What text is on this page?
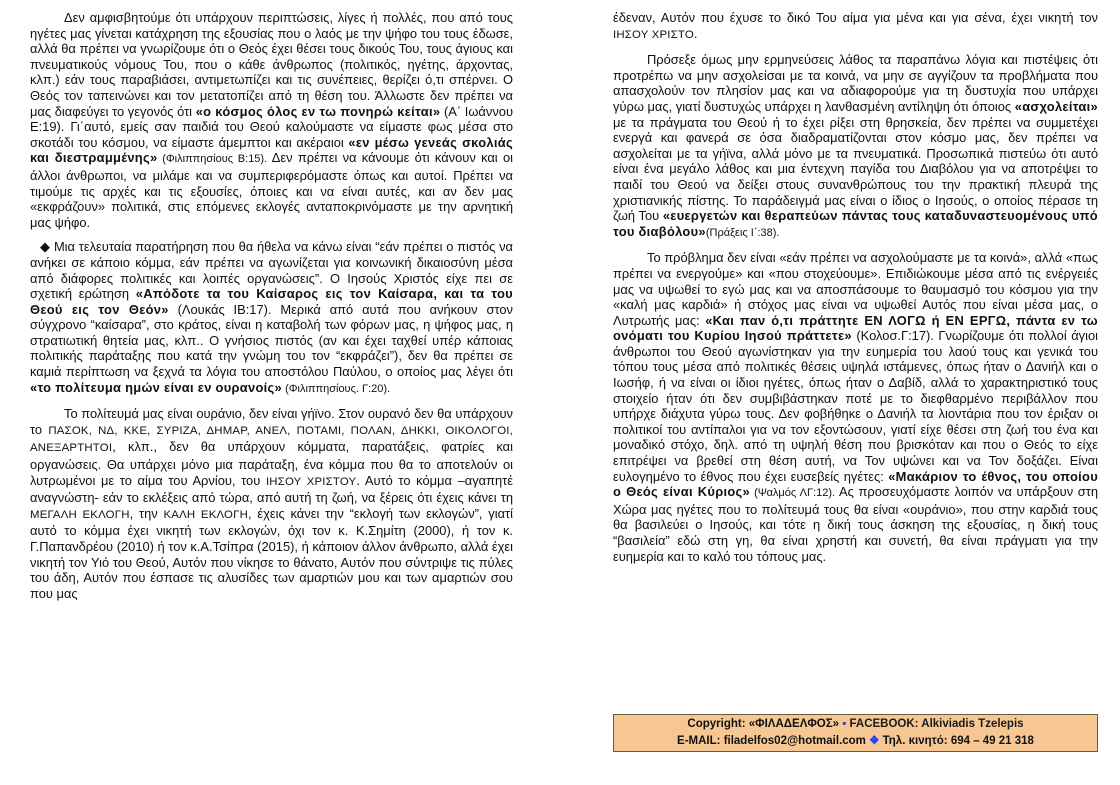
Δεν αμφισβητούμε ότι υπάρχουν περιπτώσεις, λίγες ή πολλές, που από τους ηγέτες μας γίνεται κατάχρηση της εξουσίας που ο λαός με την ψήφο του τους έδωσε, αλλά θα πρέπει να γνωρίζουμε ότι ο Θεός έχει θέσει τους δικούς Του, τους άγιους και πνευματικούς νόμους Του, που ο κάθε άνθρωπος (πολιτικός, ηγέτης, άρχοντας, κλπ.) εάν τους παραβιάσει, αντιμετωπίζει και τις συνέπειες, θερίζει ό,τι σπέρνει. Ο Θεός τον ταπεινώνει και τον μετατοπίζει από τη θέση του. Άλλωστε δεν πρέπει να μας διαφεύγει το γεγονός ότι «ο κόσμος όλος εν τω πονηρώ κείται» (Α΄ Ιωάννου Ε:19). Γι΄αυτό, εμείς σαν παιδιά του Θεού καλούμαστε να είμαστε φως μέσα στο σκοτάδι του κόσμου, να είμαστε άμεμπτοι και ακέραιοι «εν μέσω γενεάς σκολιάς και διεστραμμένης» (Φιλιππησίους Β:15). Δεν πρέπει να κάνουμε ότι κάνουν και οι άλλοι άνθρωποι, να μιλάμε και να συμπεριφερόμαστε όπως και αυτοί. Πρέπει να τιμούμε τις αρχές και τις εξουσίες, όποιες και να είναι αυτές, και αν δεν μας «εκφράζουν» πολιτικά, στις επόμενες εκλογές ανταποκρινόμαστε με την αρνητική μας ψήφο.

◆ Μια τελευταία παρατήρηση που θα ήθελα να κάνω είναι “εάν πρέπει ο πιστός να ανήκει σε κάποιο κόμμα, εάν πρέπει να αγωνίζεται για κοινωνική δικαιοσύνη μέσα από διάφορες πολιτικές και λοιπές οργανώσεις”. Ο Ιησούς Χριστός είχε πει σε σχετική ερώτηση «Απόδοτε τα του Καίσαρος εις τον Καίσαρα, και τα του Θεού εις τον Θεόν» (Λουκάς ΙΒ:17). Μερικά από αυτά που ανήκουν στον σύγχρονο “καίσαρα”, στο κράτος, είναι η καταβολή των φόρων μας, η ψήφος μας, η στρατιωτική θητεία μας, κλπ.. Ο γνήσιος πιστός (αν και έχει ταχθεί υπέρ κάποιας πολιτικής παράταξης που κατά την γνώμη του τον “εκφράζει”), δεν θα πρέπει σε καμιά περίπτωση να ξεχνά τα λόγια του αποστόλου Παύλου, ο οποίος μας λέγει ότι «το πολίτευμα ημών είναι εν ουρανοίς» (Φιλιππησίους. Γ:20).

Το πολίτευμά μας είναι ουράνιο, δεν είναι γήϊνο. Στον ουρανό δεν θα υπάρχουν το ΠΑΣΟΚ, ΝΔ, ΚΚΕ, ΣΥΡΙΖΑ, ΔΗΜΑΡ, ΑΝΕΛ, ΠΟΤΑΜΙ, ΠΟΛΑΝ, ΔΗΚΚΙ, ΟΙΚΟΛΟΓΟΙ, ΑΝΕΞΑΡΤΗΤΟΙ, κλπ., δεν θα υπάρχουν κόμματα, παρατάξεις, φατρίες και οργανώσεις. Θα υπάρχει μόνο μια παράταξη, ένα κόμμα που θα το αποτελούν οι λυτρωμένοι με το αίμα του Αρνίου, του ΙΗΣΟΥ ΧΡΙΣΤΟΥ. Αυτό το κόμμα –αγαπητέ αναγνώστη- εάν το εκλέξεις από τώρα, από αυτή τη ζωή, να ξέρεις ότι έχεις κάνει τη ΜΕΓΑΛΗ ΕΚΛΟΓΗ, την ΚΑΛΗ ΕΚΛΟΓΗ, έχεις κάνει την “εκλογή των εκλογών”, γιατί αυτό το κόμμα έχει νικητή των εκλογών, όχι τον κ. Κ.Σημίτη (2000), ή τον κ. Γ.Παπανδρέου (2010) ή τον κ.Α.Τσίπρα (2015), ή κάποιον άλλον άνθρωπο, αλλά έχει νικητή τον Υιό του Θεού, Αυτόν που νίκησε το θάνατο, Αυτόν που σύντριψε τις πύλες του άδη, Αυτόν που έσπασε τις αλυσίδες των αμαρτιών μου και των αμαρτιών σου που μας

έδεναν, Αυτόν που έχυσε το δικό Του αίμα για μένα και για σένα, έχει νικητή τον ΙΗΣΟΥ ΧΡΙΣΤΟ.

Πρόσεξε όμως μην ερμηνεύσεις λάθος τα παραπάνω λόγια και πιστέψεις ότι προτρέπω να μην ασχολείσαι με τα κοινά, να μην σε αγγίζουν τα προβλήματα που απασχολούν τον πλησίον μας και να αδιαφορούμε για τη δυστυχία που υπάρχει γύρω μας, γιατί δυστυχώς υπάρχει η λανθασμένη αντίληψη ότι όποιος «ασχολείται» με τα πράγματα του Θεού ή το έχει ρίξει στη θρησκεία, δεν πρέπει να συμμετέχει ενεργά και φανερά σε όσα διαδραματίζονται στον κόσμο μας, δεν πρέπει να ασχολείται με τα γήϊνα, αλλά μόνο με τα πνευματικά. Προσωπικά πιστεύω ότι αυτό είναι ένα μεγάλο λάθος και μια έντεχνη παγίδα του Διαβόλου για να αποτρέψει το παιδί του Θεού να δείξει στους συνανθρώπους του την πρακτική πλευρά της χριστιανικής πίστης. Το παράδειγμά μας είναι ο ίδιος ο Ιησούς, ο οποίος πέρασε τη ζωή Του «ευεργετών και θεραπεύων πάντας τους καταδυναστευομένους υπό του διαβόλου»(Πράξεις Ι΄:38).

Το πρόβλημα δεν είναι «εάν πρέπει να ασχολούμαστε με τα κοινά», αλλά «πως πρέπει να ενεργούμε» και «που στοχεύουμε». Επιδιώκουμε μέσα από τις ενέργειές μας να υψωθεί το εγώ μας και να αποσπάσουμε το θαυμασμό του κόσμου για την «καλή μας καρδιά» ή στόχος μας είναι να υψωθεί Αυτός που είναι μέσα μας, ο Λυτρωτής μας: «Και παν ό,τι πράττητε ΕΝ ΛΟΓΩ ή ΕΝ ΕΡΓΩ, πάντα εν τω ονόματι του Κυρίου Ιησού πράττετε» (Κολοσ.Γ:17). Γνωρίζουμε ότι πολλοί άγιοι άνθρωποι του Θεού αγωνίστηκαν για την ευημερία του λαού τους και γενικά του τόπου τους μέσα από πολιτικές θέσεις υψηλά ιστάμενες, όπως ήταν ο Δανιήλ και ο Ιωσήφ, ή να είναι οι ίδιοι ηγέτες, όπως ήταν ο Δαβίδ, αλλά το χαρακτηριστικό τους στοιχείο ήταν ότι δεν συμβιβάστηκαν ποτέ με το διεφθαρμένο περιβάλλον που υπήρχε διάχυτα γύρω τους. Δεν φοβήθηκε ο Δανιήλ τα λιοντάρια που τον έριξαν οι πολιτικοί του αντίπαλοι για να τον εξοντώσουν, γιατί είχε θέσει στη ζωή του ένα και μοναδικό στόχο, δηλ. από τη υψηλή θέση που βρισκόταν και που ο Θεός το είχε επιτρέψει να βρεθεί στη θέση αυτή, να Τον υψώνει και να Τον δοξάζει. Είναι ευλογημένο το έθνος που έχει ευσεβείς ηγέτες: «Μακάριον το έθνος, του οποίου ο Θεός είναι Κύριος» (Ψαλμός ΛΓ:12). Ας προσευχόμαστε λοιπόν να υπάρξουν στη Χώρα μας ηγέτες που το πολίτευμά τους θα είναι «ουράνιο», που στην καρδιά τους θα βασιλεύει ο Ιησούς, και τότε η δική τους άσκηση της εξουσίας, η δική τους “βασιλεία” εδώ στη γη, θα είναι χρηστή και συνετή, θα είναι πράγματι για την ευημερία και το καλό του τόπους μας.

Copyright: «ΦΙΛΑΔΕΛΦΟΣ» ▪ FACEBOOK: Alkiviadis Tzelepis
E-MAIL: filadelfos02@hotmail.com ❖ Τηλ. κινητό: 694 – 49 21 318
